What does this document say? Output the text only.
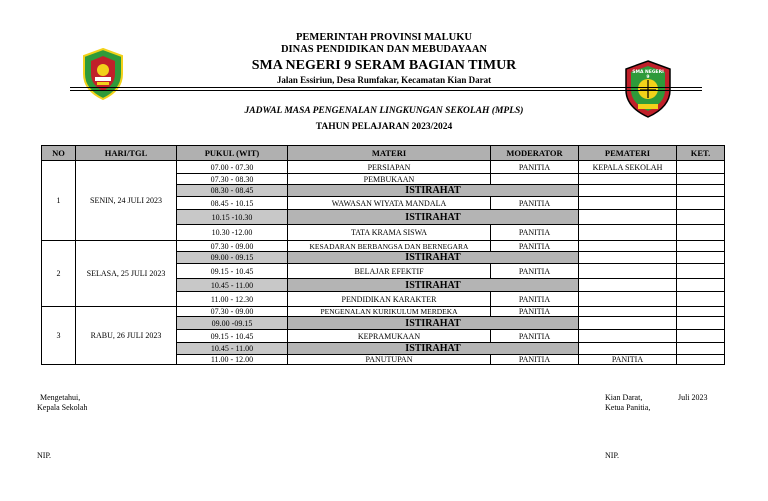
SMA NEGERI 9
PEMERINTAH PROVINSI MALUKU
DINAS PENDIDIKAN DAN MEBUDAYAAN
SMA NEGERI 9 SERAM BAGIAN TIMUR
Jalan Essiriun, Desa Rumfakar, Kecamatan Kian Darat
JADWAL MASA PENGENALAN LINGKUNGAN SEKOLAH (MPLS)
TAHUN PELAJARAN 2023/2024
NO	HARI/TGL	PUKUL (WIT)	MATERI	MODERATOR	PEMATERI	KET.
1	SENIN, 24 JULI 2023	07.00 - 07.30	PERSIAPAN	PANITIA	KEPALA SEKOLAH	
		07.30 - 08.30	PEMBUKAAN			
		08.30 - 08.45	ISTIRAHAT			
		08.45 - 10.15	WAWASAN WIYATA MANDALA	PANITIA		
		10.15 -10.30	ISTIRAHAT			
		10.30 -12.00	TATA KRAMA SISWA	PANITIA		
2	SELASA, 25 JULI 2023	07.30 - 09.00	KESADARAN BERBANGSA DAN BERNEGARA	PANITIA		
		09.00 - 09.15	ISTIRAHAT			
		09.15 - 10.45	BELAJAR EFEKTIF	PANITIA		
		10.45 - 11.00	ISTIRAHAT			
		11.00 - 12.30	PENDIDIKAN KARAKTER	PANITIA		
3	RABU, 26 JULI 2023	07.30 - 09.00	PENGENALAN KURIKULUM MERDEKA	PANITIA		
		09.00 -09.15	ISTIRAHAT			
		09.15 - 10.45	KEPRAMUKAAN	PANITIA		
		10.45 - 11.00	ISTIRAHAT			
		11.00 - 12.00	PANUTUPAN	PANITIA	PANITIA	
Mengetahui,
Kepala Sekolah
NIP.
Kian Darat,	Juli 2023
Ketua Panitia,
NIP.
